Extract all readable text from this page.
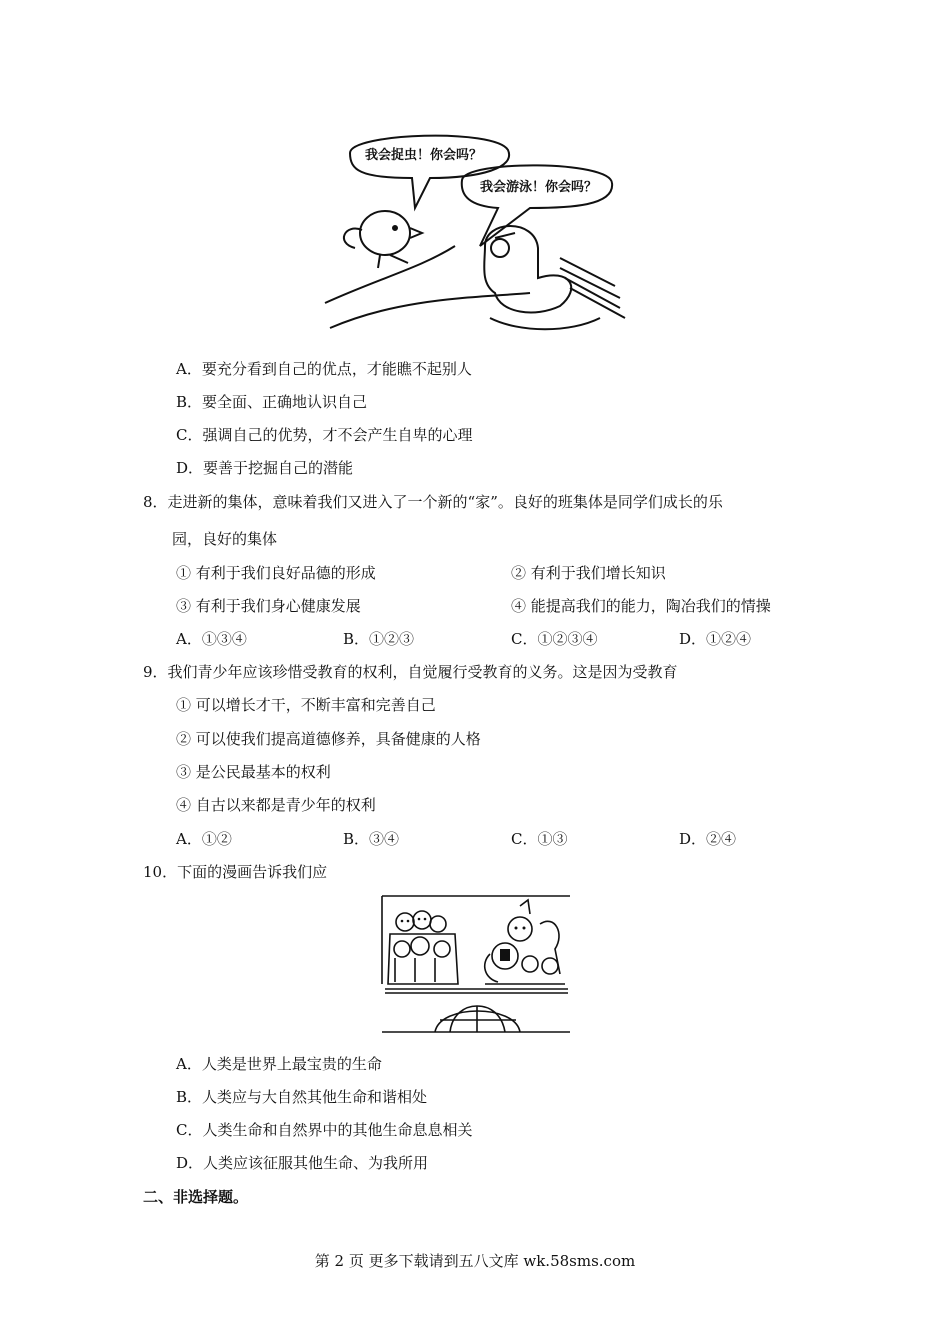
我会捉虫！你会吗？
我会游泳！你会吗？
A．要充分看到自己的优点，才能瞧不起别人
B．要全面、正确地认识自己
C．强调自己的优势，才不会产生自卑的心理
D．要善于挖掘自己的潜能
8．走进新的集体，意味着我们又进入了一个新的“家”。良好的班集体是同学们成长的乐
园，良好的集体
① 有利于我们良好品德的形成	② 有利于我们增长知识
③ 有利于我们身心健康发展	④ 能提高我们的能力，陶冶我们的情操
A．①③④	B．①②③	C．①②③④	D．①②④
9．我们青少年应该珍惜受教育的权利，自觉履行受教育的义务。这是因为受教育
① 可以增长才干，不断丰富和完善自己
② 可以使我们提高道德修养，具备健康的人格
③ 是公民最基本的权利
④ 自古以来都是青少年的权利
A．①②	B．③④	C．①③	D．②④
10．下面的漫画告诉我们应
A．人类是世界上最宝贵的生命
B．人类应与大自然其他生命和谐相处
C．人类生命和自然界中的其他生命息息相关
D．人类应该征服其他生命、为我所用
二、非选择题。
第 2 页 更多下载请到五八文库 wk.58sms.com
